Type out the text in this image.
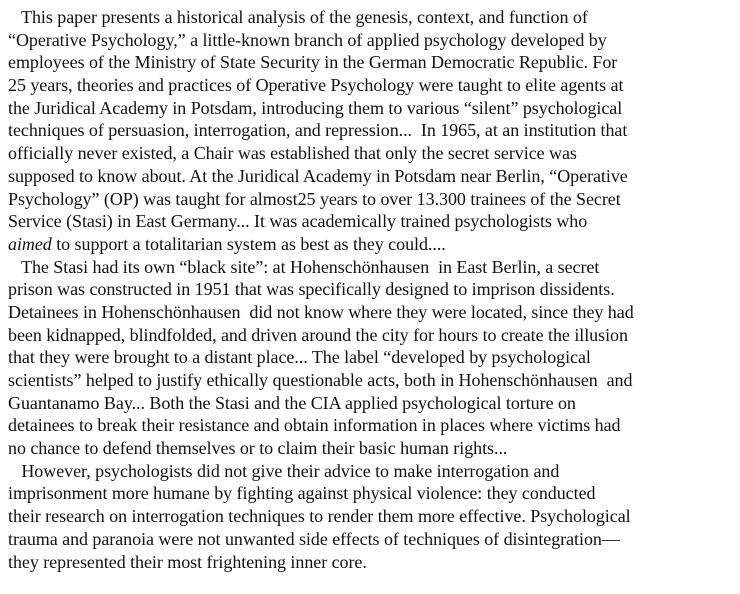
This paper presents a historical analysis of the genesis, context, and function of
“Operative Psychology,” a little-known branch of applied psychology developed by
employees of the Ministry of State Security in the German Democratic Republic. For
25 years, theories and practices of Operative Psychology were taught to elite agents at
the Juridical Academy in Potsdam, introducing them to various “silent” psychological
techniques of persuasion, interrogation, and repression...  In 1965, at an institution that
officially never existed, a Chair was established that only the secret service was
supposed to know about. At the Juridical Academy in Potsdam near Berlin, “Operative
Psychology” (OP) was taught for almost25 years to over 13.300 trainees of the Secret
Service (Stasi) in East Germany... It was academically trained psychologists who
aimed to support a totalitarian system as best as they could....
The Stasi had its own “black site”: at Hohenschönhausen  in East Berlin, a secret
prison was constructed in 1951 that was specifically designed to imprison dissidents.
Detainees in Hohenschönhausen  did not know where they were located, since they had
been kidnapped, blindfolded, and driven around the city for hours to create the illusion
that they were brought to a distant place... The label “developed by psychological
scientists” helped to justify ethically questionable acts, both in Hohenschönhausen  and
Guantanamo Bay... Both the Stasi and the CIA applied psychological torture on
detainees to break their resistance and obtain information in places where victims had
no chance to defend themselves or to claim their basic human rights...
However, psychologists did not give their advice to make interrogation and
imprisonment more humane by fighting against physical violence: they conducted
their research on interrogation techniques to render them more effective. Psychological
trauma and paranoia were not unwanted side effects of techniques of disintegration—
they represented their most frightening inner core.
